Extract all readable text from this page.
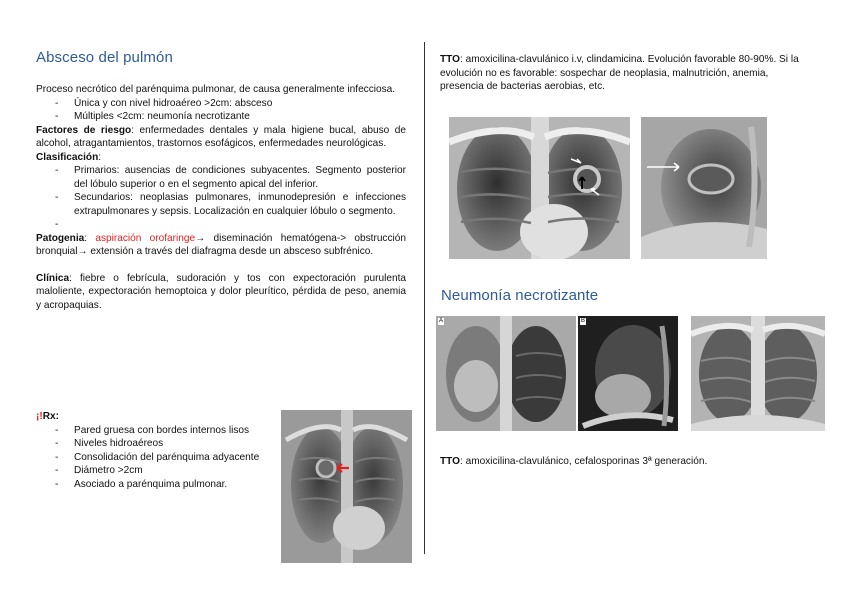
Absceso del pulmón

Proceso necrótico del parénquima pulmonar, de causa generalmente infecciosa.

- Única y con nivel hidroaéreo >2cm: absceso
- Múltiples <2cm: neumonía necrotizante

Factores de riesgo: enfermedades dentales y mala higiene bucal, abuso de alcohol, atragantamientos, trastornos esofágicos, enfermedades neurológicas.

Clasificación:

- Primarios: ausencias de condiciones subyacentes. Segmento posterior del lóbulo superior o en el segmento apical del inferior.
- Secundarios: neoplasias pulmonares, inmunodepresión e infecciones extrapulmonares y sepsis. Localización en cualquier lóbulo o segmento.
-

Patogenia: aspiración orofaringe→ diseminación hematógena-> obstrucción bronquial→ extensión a través del diafragma desde un absceso subfrénico.

Clínica: fiebre o febrícula, sudoración y tos con expectoración purulenta maloliente, expectoración hemoptoica y dolor pleurítico, pérdida de peso, anemia y acropaquias.

¡!Rx:

- Pared gruesa con bordes internos lisos
- Niveles hidroaéreos
- Consolidación del parénquima adyacente
- Diámetro >2cm
- Asociado a parénquima pulmonar.

TTO: amoxicilina-clavulánico i.v, clindamicina. Evolución favorable 80-90%. Si la evolución no es favorable: sospechar de neoplasia, malnutrición, anemia, presencia de bacterias aerobias, etc.

Neumonía necrotizante
A	B

TTO: amoxicilina-clavulánico, cefalosporinas 3ª generación.
